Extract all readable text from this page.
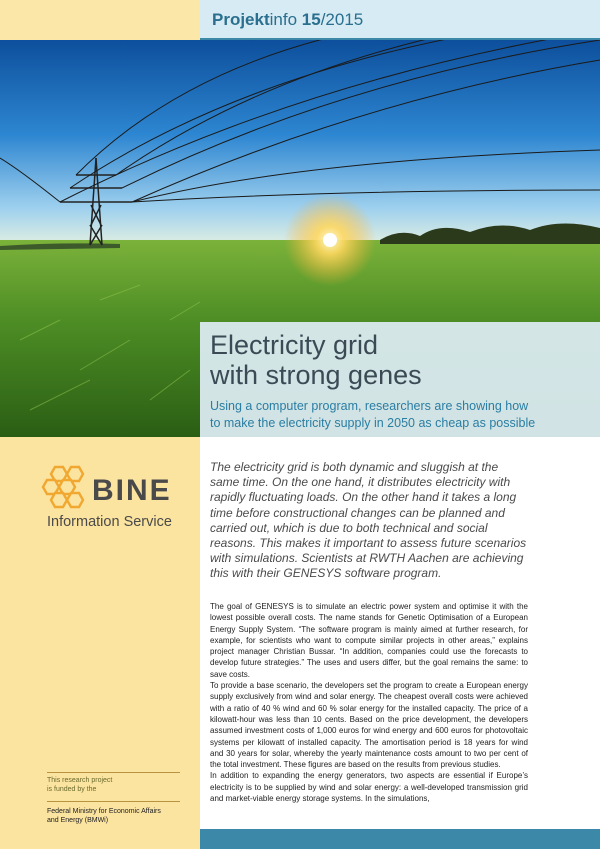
Projektinfo 15/2015
Electricity grid
with strong genes
Using a computer program, researchers are showing how
to make the electricity supply in 2050 as cheap as possible
BINE
Information Service
This research project
is funded by the
Federal Ministry for Economic Affairs
and Energy (BMWi)
The electricity grid is both dynamic and sluggish at the same time. On the one hand, it distributes electricity with rapidly fluctuating loads. On the other hand it takes a long time before constructional changes can be planned and carried out, which is due to both technical and social reasons. This makes it important to assess future scenarios with simulations. Scientists at RWTH Aachen are achieving this with their GENESYS software program.

The goal of GENESYS is to simulate an electric power system and optimise it with the lowest possible overall costs. The name stands for Genetic Optimisation of a European Energy Supply System. “The software program is mainly aimed at further research, for example, for scientists who want to compute similar projects in other areas,” explains project manager Christian Bussar. “In addition, companies could use the forecasts to develop future strategies.” The uses and users differ, but the goal remains the same: to save costs.

To provide a base scenario, the developers set the program to create a European energy supply exclusively from wind and solar energy. The cheapest overall costs were achieved with a ratio of 40 % wind and 60 % solar energy for the installed capacity. The price of a kilowatt-hour was less than 10 cents. Based on the price development, the developers assumed investment costs of 1,000 euros for wind energy and 600 euros for photovoltaic systems per kilowatt of installed capacity. The amortisation period is 18 years for wind and 30 years for solar, whereby the yearly maintenance costs amount to two per cent of the total investment. These figures are based on the results from previous studies.

In addition to expanding the energy generators, two aspects are essential if Europe’s electricity is to be supplied by wind and solar energy: a well-developed transmission grid and market-viable energy storage systems. In the simulations,
